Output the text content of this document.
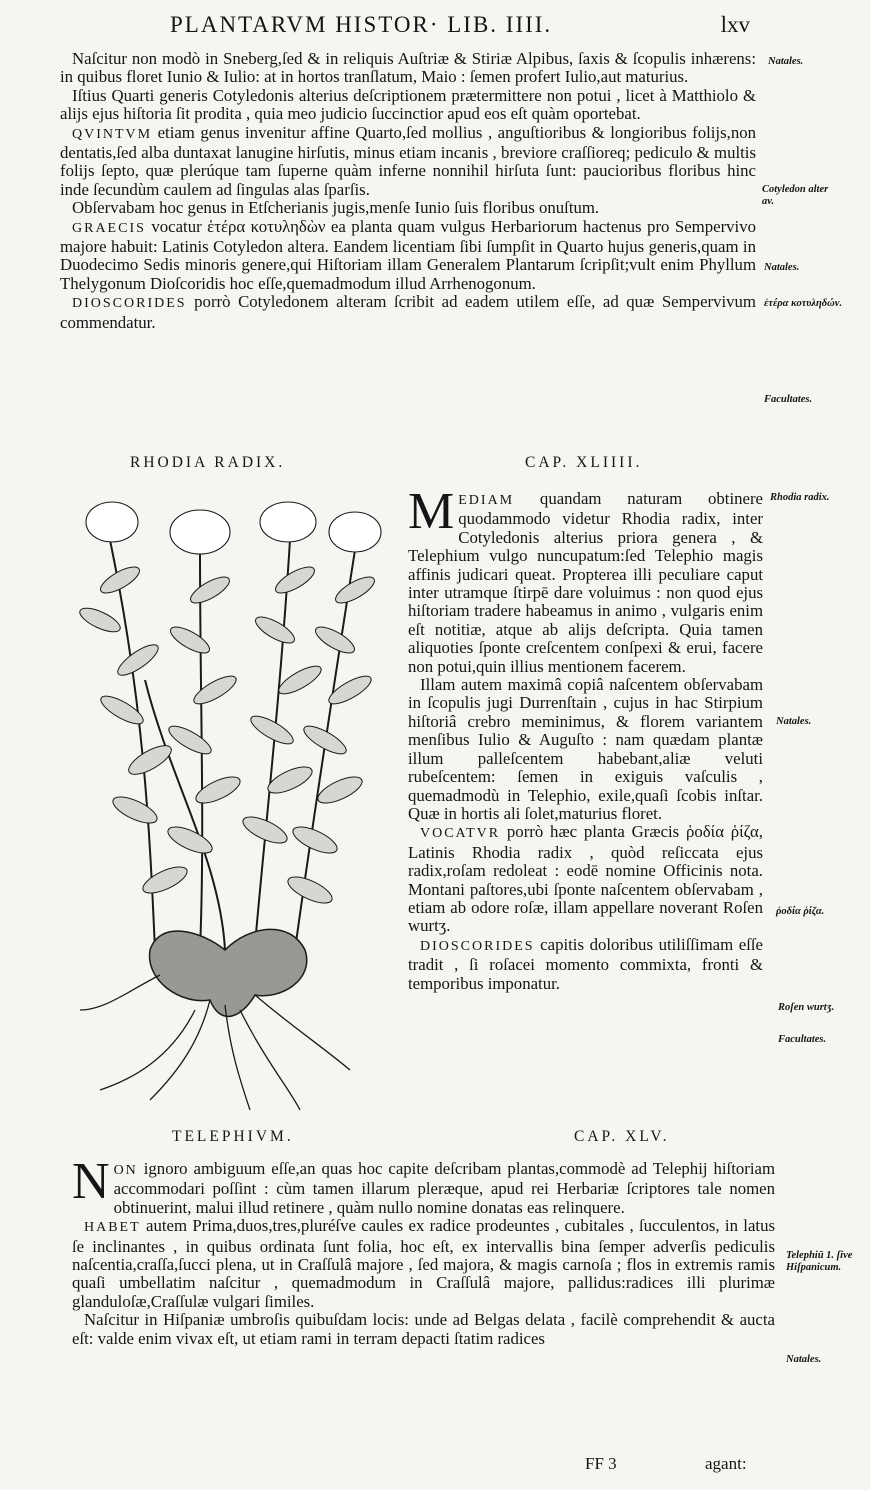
PLANTARVM HISTOR· LIB. IIII.	lxv

Naſcitur non modò in Sneberg,ſed & in reliquis Auſtriæ & Stiriæ Alpibus, ſaxis & ſcopulis inhærens: in quibus floret Iunio & Iulio: at in hortos tranſlatum, Maio : ſemen profert Iulio,aut maturius.

Iſtius Quarti generis Cotyledonis alterius deſcriptionem prætermittere non potui , licet à Matthiolo & alijs ejus hiſtoria ſit prodita , quia meo judicio ſuccinctior apud eos eſt quàm oportebat.

QVINTVM etiam genus invenitur affine Quarto,ſed mollius , anguſtioribus & longioribus folijs,non dentatis,ſed alba duntaxat lanugine hirſutis, minus etiam incanis , breviore craſſioreq; pediculo & multis folijs ſepto, quæ plerúque tam ſuperne quàm inferne nonnihil hirſuta ſunt: paucioribus floribus hinc inde ſecundùm caulem ad ſingulas alas ſparſis.

Obſervabam hoc genus in Etſcherianis jugis,menſe Iunio ſuis floribus onuſtum.

GRAECIS vocatur ἑτέρα κοτυληδὼν ea planta quam vulgus Herbariorum hactenus pro Sempervivo majore habuit: Latinis Cotyledon altera. Eandem licentiam ſibi ſumpſit in Quarto hujus generis,quam in Duodecimo Sedis minoris genere,qui Hiſtoriam illam Generalem Plantarum ſcripſit;vult enim Phyllum Thelygonum Dioſcoridis hoc eſſe,quemadmodum illud Arrhenogonum.

DIOSCORIDES porrò Cotyledonem alteram ſcribit ad eadem utilem eſſe, ad quæ Sempervivum commendatur.

RHODIA RADIX.	CAP. XLIIII.

MEDIAM quandam naturam obtinere quodammodo videtur Rhodia radix, inter Cotyledonis alterius priora genera , & Telephium vulgo nuncupatum:ſed Telephio magis affinis judicari queat. Propterea illi peculiare caput inter utramque ſtirpē dare voluimus : non quod ejus hiſtoriam tradere habeamus in animo , vulgaris enim eſt notitiæ, atque ab alijs deſcripta. Quia tamen aliquoties ſponte creſcentem conſpexi & erui, facere non potui,quin illius mentionem facerem.

Illam autem maximâ copiâ naſcentem obſervabam in ſcopulis jugi Durrenſtain , cujus in hac Stirpium hiſtoriâ crebro meminimus, & florem variantem menſibus Iulio & Auguſto : nam quædam plantæ illum palleſcentem habebant,aliæ veluti rubeſcentem: ſemen in exiguis vaſculis , quemadmodù in Telephio, exile,quaſi ſcobis inſtar. Quæ in hortis ali ſolet,maturius floret.

VOCATVR porrò hæc planta Græcis ῥοδία ῥίζα, Latinis Rhodia radix , quòd reſiccata ejus radix,roſam redoleat : eodē nomine Officinis nota. Montani paſtores,ubi ſponte naſcentem obſervabam , etiam ab odore roſæ, illam appellare noverant Roſen wurtʒ.

DIOSCORIDES capitis doloribus utiliſſimam eſſe tradit , ſi roſacei momento commixta, fronti & temporibus imponatur.

TELEPHIVM.	CAP. XLV.

NON ignoro ambiguum eſſe,an quas hoc capite deſcribam plantas,commodè ad Telephij hiſtoriam accommodari poſſint : cùm tamen illarum pleræque, apud rei Herbariæ ſcriptores tale nomen obtinuerint, malui illud retinere , quàm nullo nomine donatas eas relinquere.

HABET autem Prima,duos,tres,pluréſve caules ex radice prodeuntes , cubitales , ſucculentos, in latus ſe inclinantes , in quibus ordinata ſunt folia, hoc eſt, ex intervallis bina ſemper adverſis pediculis naſcentia,craſſa,ſucci plena, ut in Craſſulâ majore , ſed majora, & magis carnoſa ; flos in extremis ramis quaſi umbellatim naſcitur , quemadmodum in Craſſulâ majore, pallidus:radices illi plurimæ glanduloſæ,Craſſulæ vulgari ſimiles.

Naſcitur in Hiſpaniæ umbroſis quibuſdam locis: unde ad Belgas delata , facilè comprehendit & aucta eſt: valde enim vivax eſt, ut etiam rami in terram depacti ſtatim radices

FF 3	agant:
Natales.
Cotyledon alter av.
Natales.
ἑτέρα κοτυληδών.
Facultates.
Rhodia radix.
Natales.
ῥοδία ῥίζα.
Roſen wurtʒ.
Facultates.
Telephiū 1. ſive Hiſpanicum.
Natales.
